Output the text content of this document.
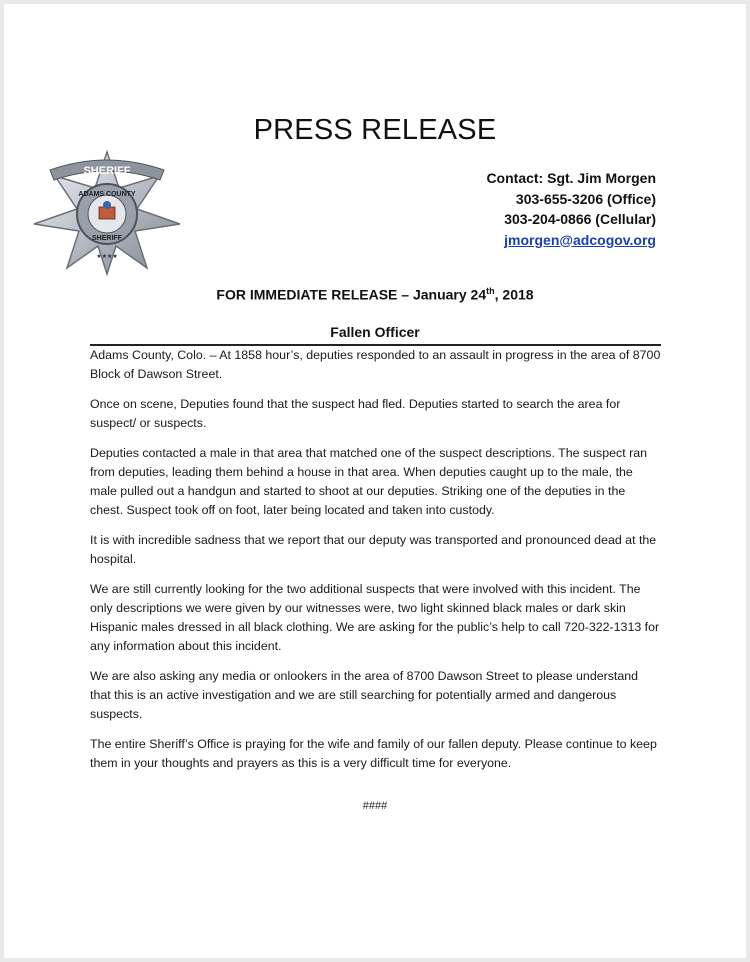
PRESS RELEASE
SHERIFF
ADAMS COUNTY
SHERIFF
★★★★
Contact: Sgt. Jim Morgen
303-655-3206 (Office)
303-204-0866 (Cellular)
jmorgen@adcogov.org
FOR IMMEDIATE RELEASE – January 24th, 2018
Fallen Officer

Adams County, Colo. – At 1858 hour’s, deputies responded to an assault in progress in the area of 8700 Block of Dawson Street.

Once on scene, Deputies found that the suspect had fled. Deputies started to search the area for suspect/ or suspects.

Deputies contacted a male in that area that matched one of the suspect descriptions. The suspect ran from deputies, leading them behind a house in that area. When deputies caught up to the male, the male pulled out a handgun and started to shoot at our deputies. Striking one of the deputies in the chest. Suspect took off on foot, later being located and taken into custody.

It is with incredible sadness that we report that our deputy was transported and pronounced dead at the hospital.

We are still currently looking for the two additional suspects that were involved with this incident. The only descriptions we were given by our witnesses were, two light skinned black males or dark skin Hispanic males dressed in all black clothing. We are asking for the public’s help to call 720-322-1313 for any information about this incident.

We are also asking any media or onlookers in the area of 8700 Dawson Street to please understand that this is an active investigation and we are still searching for potentially armed and dangerous suspects.

The entire Sheriff’s Office is praying for the wife and family of our fallen deputy. Please continue to keep them in your thoughts and prayers as this is a very difficult time for everyone.

####
